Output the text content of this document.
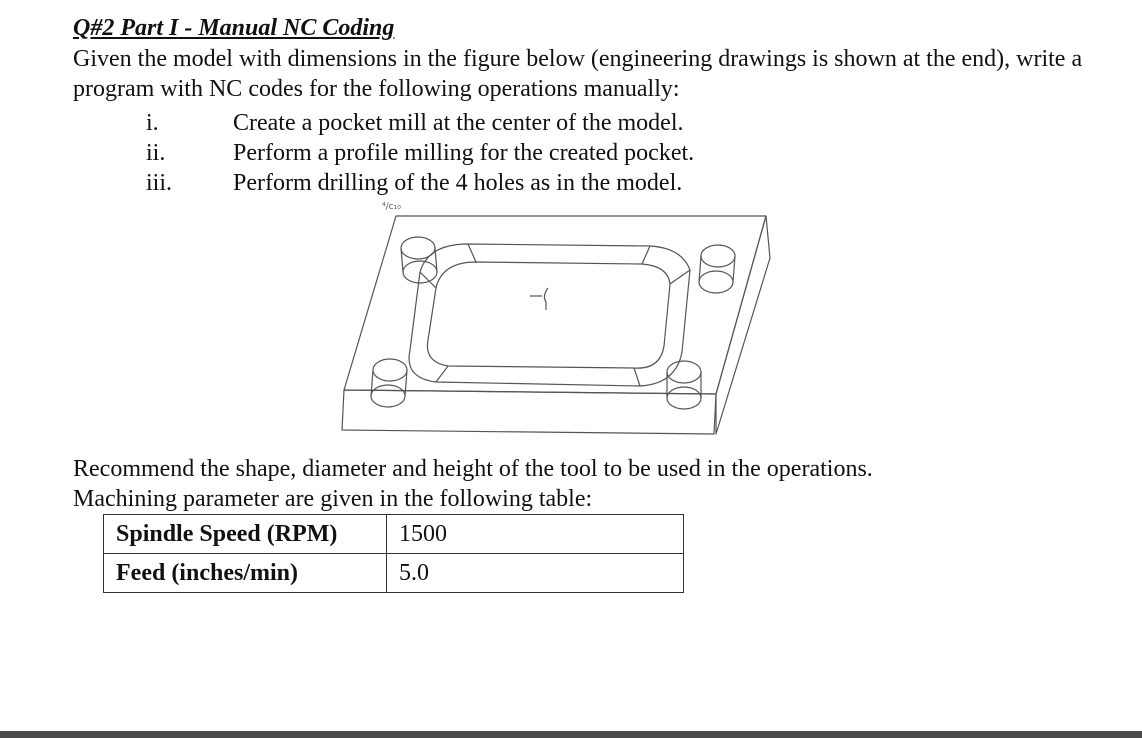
Q#2 Part I - Manual NC Coding

Given the model with dimensions in the figure below (engineering drawings is shown at the end), write a program with NC codes for the following operations manually:

i.	Create a pocket mill at the center of the model.
ii.	Perform a profile milling for the created pocket.
iii.	Perform drilling of the 4 holes as in the model.
⁴/c₁₀

Recommend the shape, diameter and height of the tool to be used in the operations.

Machining parameter are given in the following table:

Spindle Speed (RPM)	1500
Feed (inches/min)	5.0
